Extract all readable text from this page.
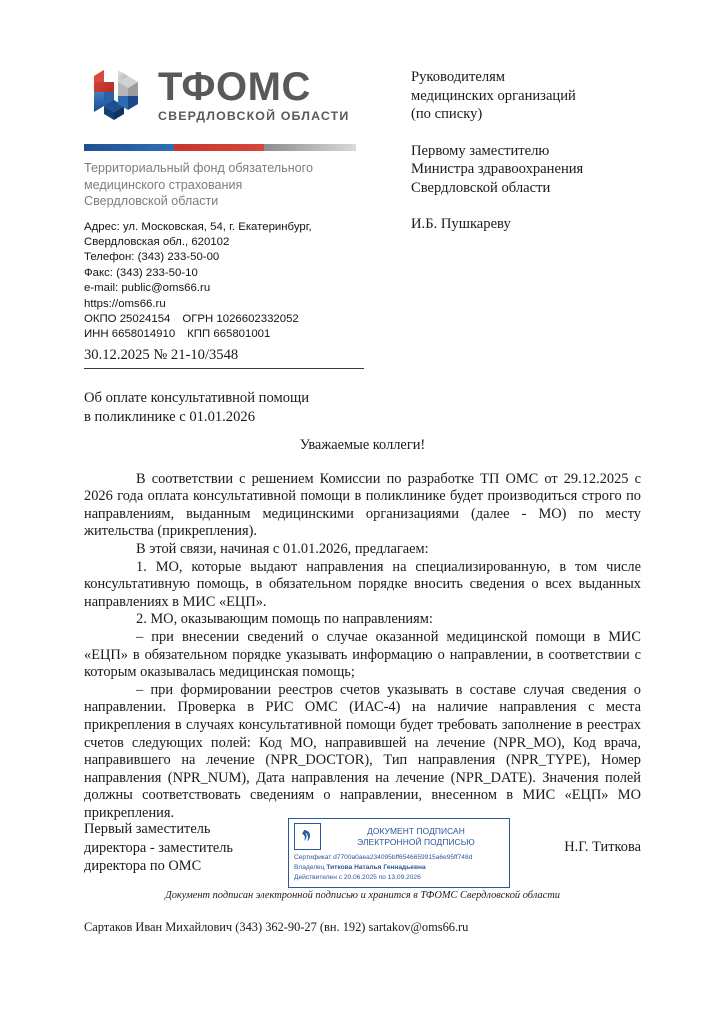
ТФОМС
СВЕРДЛОВСКОЙ ОБЛАСТИ
Территориальный фонд обязательного
медицинского страхования
Свердловской области
Адрес: ул. Московская, 54, г. Екатеринбург,
Свердловская обл., 620102
Телефон: (343) 233-50-00
Факс: (343) 233-50-10
e-mail: public@oms66.ru
https://oms66.ru
ОКПО 25024154 ОГРН 1026602332052
ИНН 6658014910 КПП 665801001
30.12.2025 № 21-10/3548
Об оплате консультативной помощи
в поликлинике с 01.01.2026
Руководителям
медицинских организаций
(по списку)
Первому заместителю
Министра здравоохранения
Свердловской области
И.Б. Пушкареву
Уважаемые коллеги!

В соответствии с решением Комиссии по разработке ТП ОМС от 29.12.2025 с 2026 года оплата консультативной помощи в поликлинике будет производиться строго по направлениям, выданным медицинскими организациями (далее - МО) по месту жительства (прикрепления).

В этой связи, начиная с 01.01.2026, предлагаем:

1. МО, которые выдают направления на специализированную, в том числе консультативную помощь, в обязательном порядке вносить сведения о всех выданных направлениях в МИС «ЕЦП».

2. МО, оказывающим помощь по направлениям:

– при внесении сведений о случае оказанной медицинской помощи в МИС «ЕЦП» в обязательном порядке указывать информацию о направлении, в соответствии с которым оказывалась медицинская помощь;

– при формировании реестров счетов указывать в составе случая сведения о направлении. Проверка в РИС ОМС (ИАС-4) на наличие направления с места прикрепления в случаях консультативной помощи будет требовать заполнение в реестрах счетов следующих полей: Код МО, направившей на лечение (NPR_MO), Код врача, направившего на лечение (NPR_DOCTOR), Тип направления (NPR_TYPE), Номер направления (NPR_NUM), Дата направления на лечение (NPR_DATE). Значения полей должны соответствовать сведениям о направлении, внесенном в МИС «ЕЦП» МО прикрепления.

Первый заместитель
директора - заместитель
директора по ОМС
Н.Г. Титкова
ДОКУМЕНТ ПОДПИСАН
ЭЛЕКТРОННОЙ ПОДПИСЬЮ
Сертификат d7700a0aea234095bff6546659915a6e95ff748d
Владелец Титкова Наталья Геннадьевна
Действителен с 20.06.2025 по 13.09.2026
Документ подписан электронной подписью и хранится в ТФОМС Свердловской области
Сартаков Иван Михайлович (343) 362-90-27 (вн. 192) sartakov@oms66.ru
